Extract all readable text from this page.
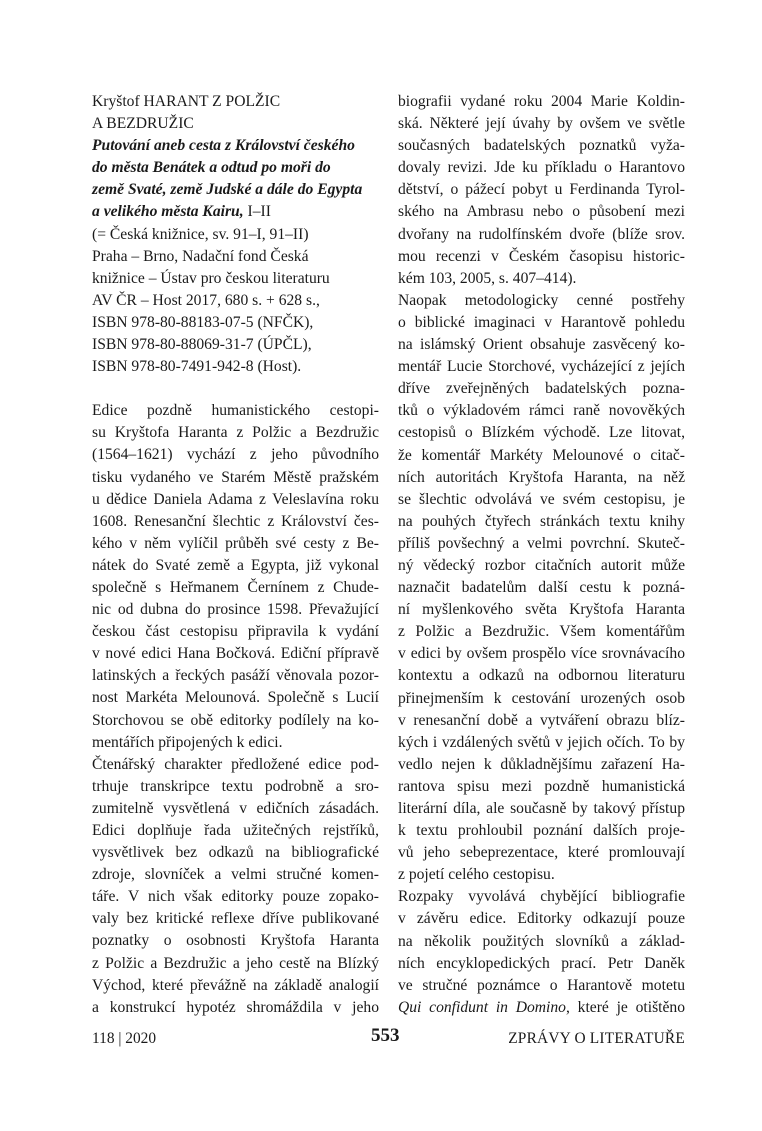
Kryštof HARANT Z POLŽIC
A BEZDRUŽIC
Putování aneb cesta z Království českého
do města Benátek a odtud po moři do
země Svaté, země Judské a dále do Egypta
a velikého města Kairu, I–II
(= Česká knižnice, sv. 91–I, 91–II)
Praha – Brno, Nadační fond Česká
knižnice – Ústav pro českou literaturu
AV ČR – Host 2017, 680 s. + 628 s.,
ISBN 978-80-88183-07-5 (NFČK),
ISBN 978-80-88069-31-7 (ÚPČL),
ISBN 978-80-7491-942-8 (Host).

Edice pozdně humanistického cestopi-
su Kryštofa Haranta z Polžic a Bezdružic
(1564–1621) vychází z jeho původního
tisku vydaného ve Starém Městě pražském
u dědice Daniela Adama z Veleslavína roku
1608. Renesanční šlechtic z Království čes-
kého v něm vylíčil průběh své cesty z Be-
nátek do Svaté země a Egypta, již vykonal
společně s Heřmanem Černínem z Chude-
nic od dubna do prosince 1598. Převažující
českou část cestopisu připravila k vydání
v nové edici Hana Bočková. Ediční přípravě
latinských a řeckých pasáží věnovala pozor-
nost Markéta Melounová. Společně s Lucií
Storchovou se obě editorky podílely na ko-
mentářích připojených k edici.

Čtenářský charakter předložené edice pod-
trhuje transkripce textu podrobně a sro-
zumitelně vysvětlená v edičních zásadách.
Edici doplňuje řada užitečných rejstříků,
vysvětlivek bez odkazů na bibliografické
zdroje, slovníček a velmi stručné komen-
táře. V nich však editorky pouze zopako-
valy bez kritické reflexe dříve publikované
poznatky o osobnosti Kryštofa Haranta
z Polžic a Bezdružic a jeho cestě na Blízký
Východ, které převážně na základě analogií
a konstrukcí hypotéz shromáždila v jeho

biografii vydané roku 2004 Marie Koldin-
ská. Některé její úvahy by ovšem ve světle
současných badatelských poznatků vyža-
dovaly revizi. Jde ku příkladu o Harantovo
dětství, o pážecí pobyt u Ferdinanda Tyrol-
ského na Ambrasu nebo o působení mezi
dvořany na rudolfínském dvoře (blíže srov.
mou recenzi v Českém časopisu historic-
kém 103, 2005, s. 407–414).

Naopak metodologicky cenné postřehy
o biblické imaginaci v Harantově pohledu
na islámský Orient obsahuje zasvěcený ko-
mentář Lucie Storchové, vycházející z jejích
dříve zveřejněných badatelských pozna-
tků o výkladovém rámci raně novověkých
cestopisů o Blízkém východě. Lze litovat,
že komentář Markéty Melounové o citač-
ních autoritách Kryštofa Haranta, na něž
se šlechtic odvolává ve svém cestopisu, je
na pouhých čtyřech stránkách textu knihy
příliš povšechný a velmi povrchní. Skuteč-
ný vědecký rozbor citačních autorit může
naznačit badatelům další cestu k pozná-
ní myšlenkového světa Kryštofa Haranta
z Polžic a Bezdružic. Všem komentářům
v edici by ovšem prospělo více srovnávacího
kontextu a odkazů na odbornou literaturu
přinejmenším k cestování urozených osob
v renesanční době a vytváření obrazu blíz-
kých i vzdálených světů v jejich očích. To by
vedlo nejen k důkladnějšímu zařazení Ha-
rantova spisu mezi pozdně humanistická
literární díla, ale současně by takový přístup
k textu prohloubil poznání dalších proje-
vů jeho sebeprezentace, které promlouvají
z pojetí celého cestopisu.

Rozpaky vyvolává chybějící bibliografie
v závěru edice. Editorky odkazují pouze
na několik použitých slovníků a základ-
ních encyklopedických prací. Petr Daněk
ve stručné poznámce o Harantově motetu

Qui confidunt in Domino, které je otištěno
118 | 2020	553	ZPRÁVY O LITERATUŘE
